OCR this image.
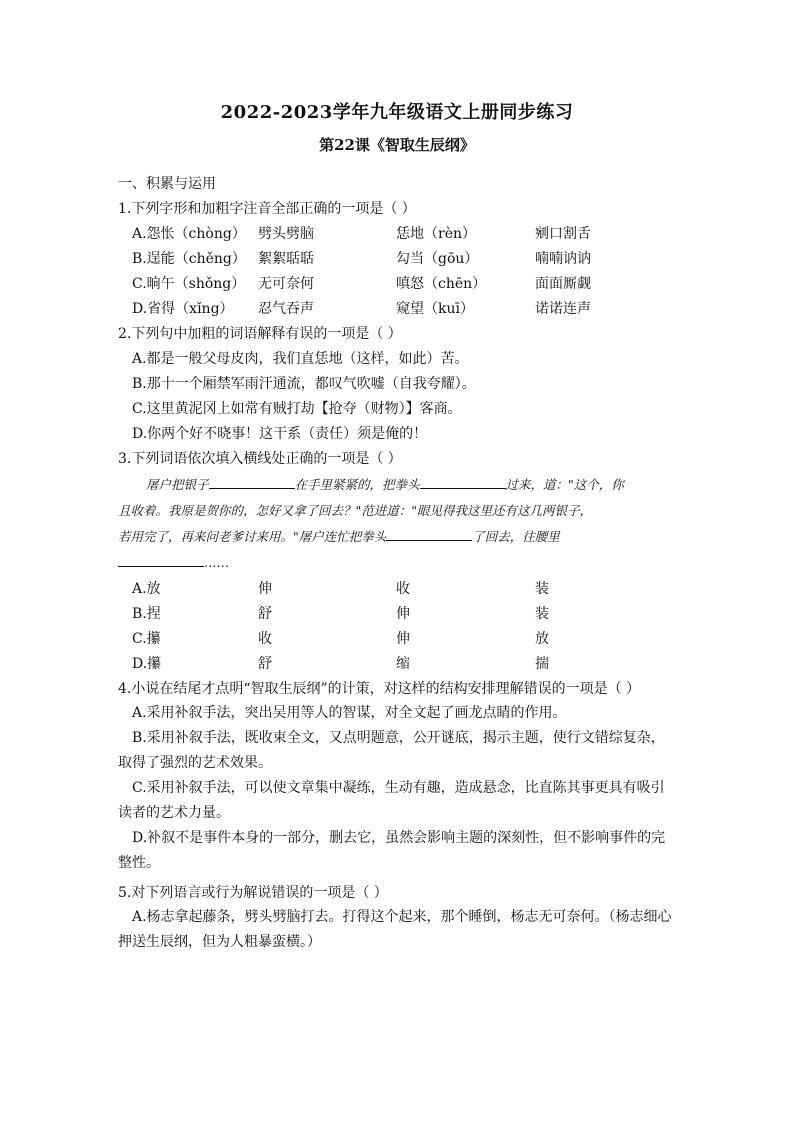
2022-2023学年九年级语文上册同步练习
第22课《智取生辰纲》
一、积累与运用
1.下列字形和加粗字注音全部正确的一项是（ ）
A.怨怅（chòng） 劈头劈脑	恁地（rèn）	剜口割舌
B.逞能（chěng） 絮絮聒聒	勾当（gōu）	喃喃讷讷
C.晌午（shǒng） 无可奈何	嗔怒（chēn）	面面厮觑
D.省得（xǐng） 忍气吞声	窥望（kuī）	诺诺连声
2.下列句中加粗的词语解释有误的一项是（ ）
A.都是一般父母皮肉，我们直恁地（这样，如此）苦。
B.那十一个厢禁军雨汗通流，都叹气吹嘘（自我夸耀）。
C.这里黄泥冈上如常有贼打劫【抢夺（财物）】客商。
D.你两个好不晓事！这干系（责任）须是俺的！
3.下列词语依次填入横线处正确的一项是（ ）
屠户把银子	在手里紧紧的，把拳头	过来，道："这个，你
且收着。我原是贺你的，怎好又拿了回去？"范进道："眼见得我这里还有这几两银子，
若用完了，再来问老爹讨来用。"屠户连忙把拳头	了回去，往腰里
……
A.放	伸	收	装
B.捏	舒	伸	装
C.攥	收	伸	放
D.攥	舒	缩	揣
4.小说在结尾才点明“智取生辰纲”的计策，对这样的结构安排理解错误的一项是（ ）
A.采用补叙手法，突出吴用等人的智谋，对全文起了画龙点睛的作用。
B.采用补叙手法，既收束全文，又点明题意，公开谜底，揭示主题，使行文错综复杂，取得了强烈的艺术效果。
C.采用补叙手法，可以使文章集中凝练，生动有趣，造成悬念，比直陈其事更具有吸引读者的艺术力量。
D.补叙不是事件本身的一部分，删去它，虽然会影响主题的深刻性，但不影响事件的完整性。
5.对下列语言或行为解说错误的一项是（ ）
A.杨志拿起藤条，劈头劈脑打去。打得这个起来，那个睡倒，杨志无可奈何。（杨志细心押送生辰纲，但为人粗暴蛮横。）
